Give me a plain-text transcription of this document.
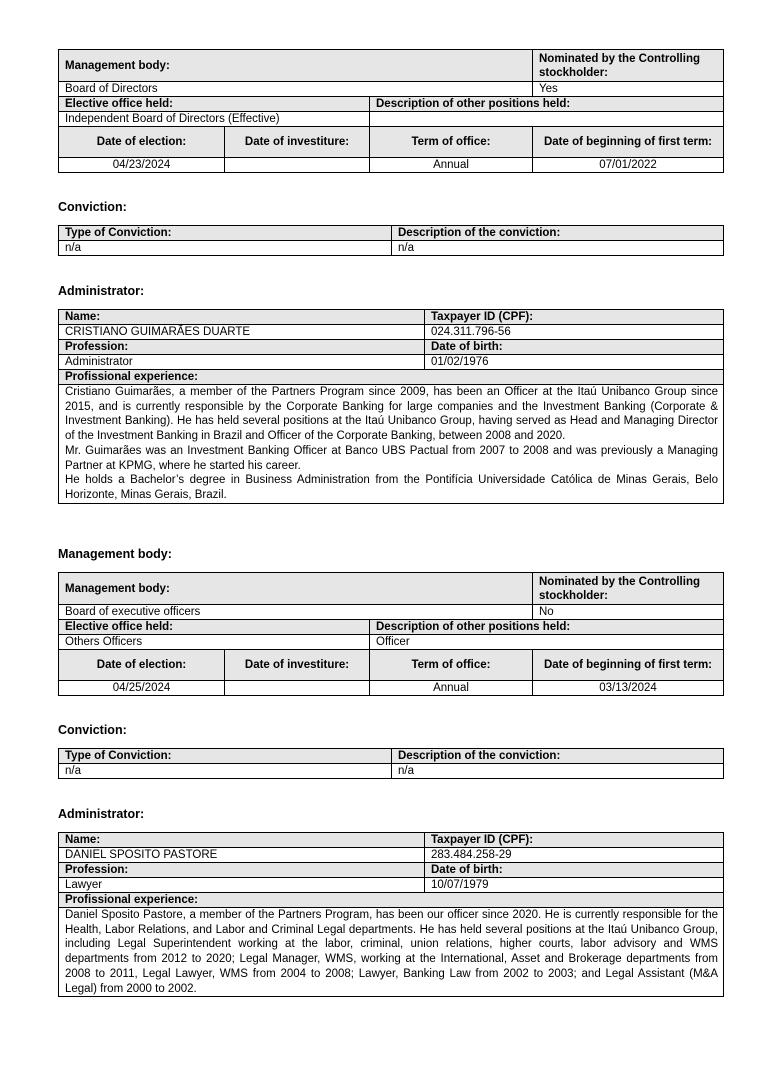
Management body:			Nominated by the Controlling stockholder:
Board of Directors			Yes
Elective office held:		Description of other positions held:	
Independent Board of Directors (Effective)			
Date of election:	Date of investiture:	Term of office:	Date of beginning of first term:
04/23/2024		Annual	07/01/2022
Conviction:
Type of Conviction:	Description of the conviction:
n/a	n/a
Administrator:
Name:	Taxpayer ID (CPF):
CRISTIANO GUIMARÃES DUARTE	024.311.796-56
Profession:	Date of birth:
Administrator	01/02/1976
Profissional experience:	

Cristiano Guimarães, a member of the Partners Program since 2009, has been an Officer at the Itaú Unibanco Group since 2015, and is currently responsible by the Corporate Banking for large companies and the Investment Banking (Corporate & Investment Banking). He has held several positions at the Itaú Unibanco Group, having served as Head and Managing Director of the Investment Banking in Brazil and Officer of the Corporate Banking, between 2008 and 2020.
Mr. Guimarães was an Investment Banking Officer at Banco UBS Pactual from 2007 to 2008 and was previously a Managing Partner at KPMG, where he started his career.
He holds a Bachelor’s degree in Business Administration from the Pontifícia Universidade Católica de Minas Gerais, Belo Horizonte, Minas Gerais, Brazil.	
Management body:
Management body:			Nominated by the Controlling stockholder:
Board of executive officers			No
Elective office held:		Description of other positions held:	
Others Officers		Officer	
Date of election:	Date of investiture:	Term of office:	Date of beginning of first term:
04/25/2024		Annual	03/13/2024
Conviction:
Type of Conviction:	Description of the conviction:
n/a	n/a
Administrator:
Name:	Taxpayer ID (CPF):
DANIEL SPOSITO PASTORE	283.484.258-29
Profession:	Date of birth:
Lawyer	10/07/1979
Profissional experience:	

Daniel Sposito Pastore, a member of the Partners Program, has been our officer since 2020. He is currently responsible for the Health, Labor Relations, and Labor and Criminal Legal departments. He has held several positions at the Itaú Unibanco Group, including Legal Superintendent working at the labor, criminal, union relations, higher courts, labor advisory and WMS departments from 2012 to 2020; Legal Manager, WMS, working at the International, Asset and Brokerage departments from 2008 to 2011, Legal Lawyer, WMS from 2004 to 2008; Lawyer, Banking Law from 2002 to 2003; and Legal Assistant (M&A Legal) from 2000 to 2002.	
